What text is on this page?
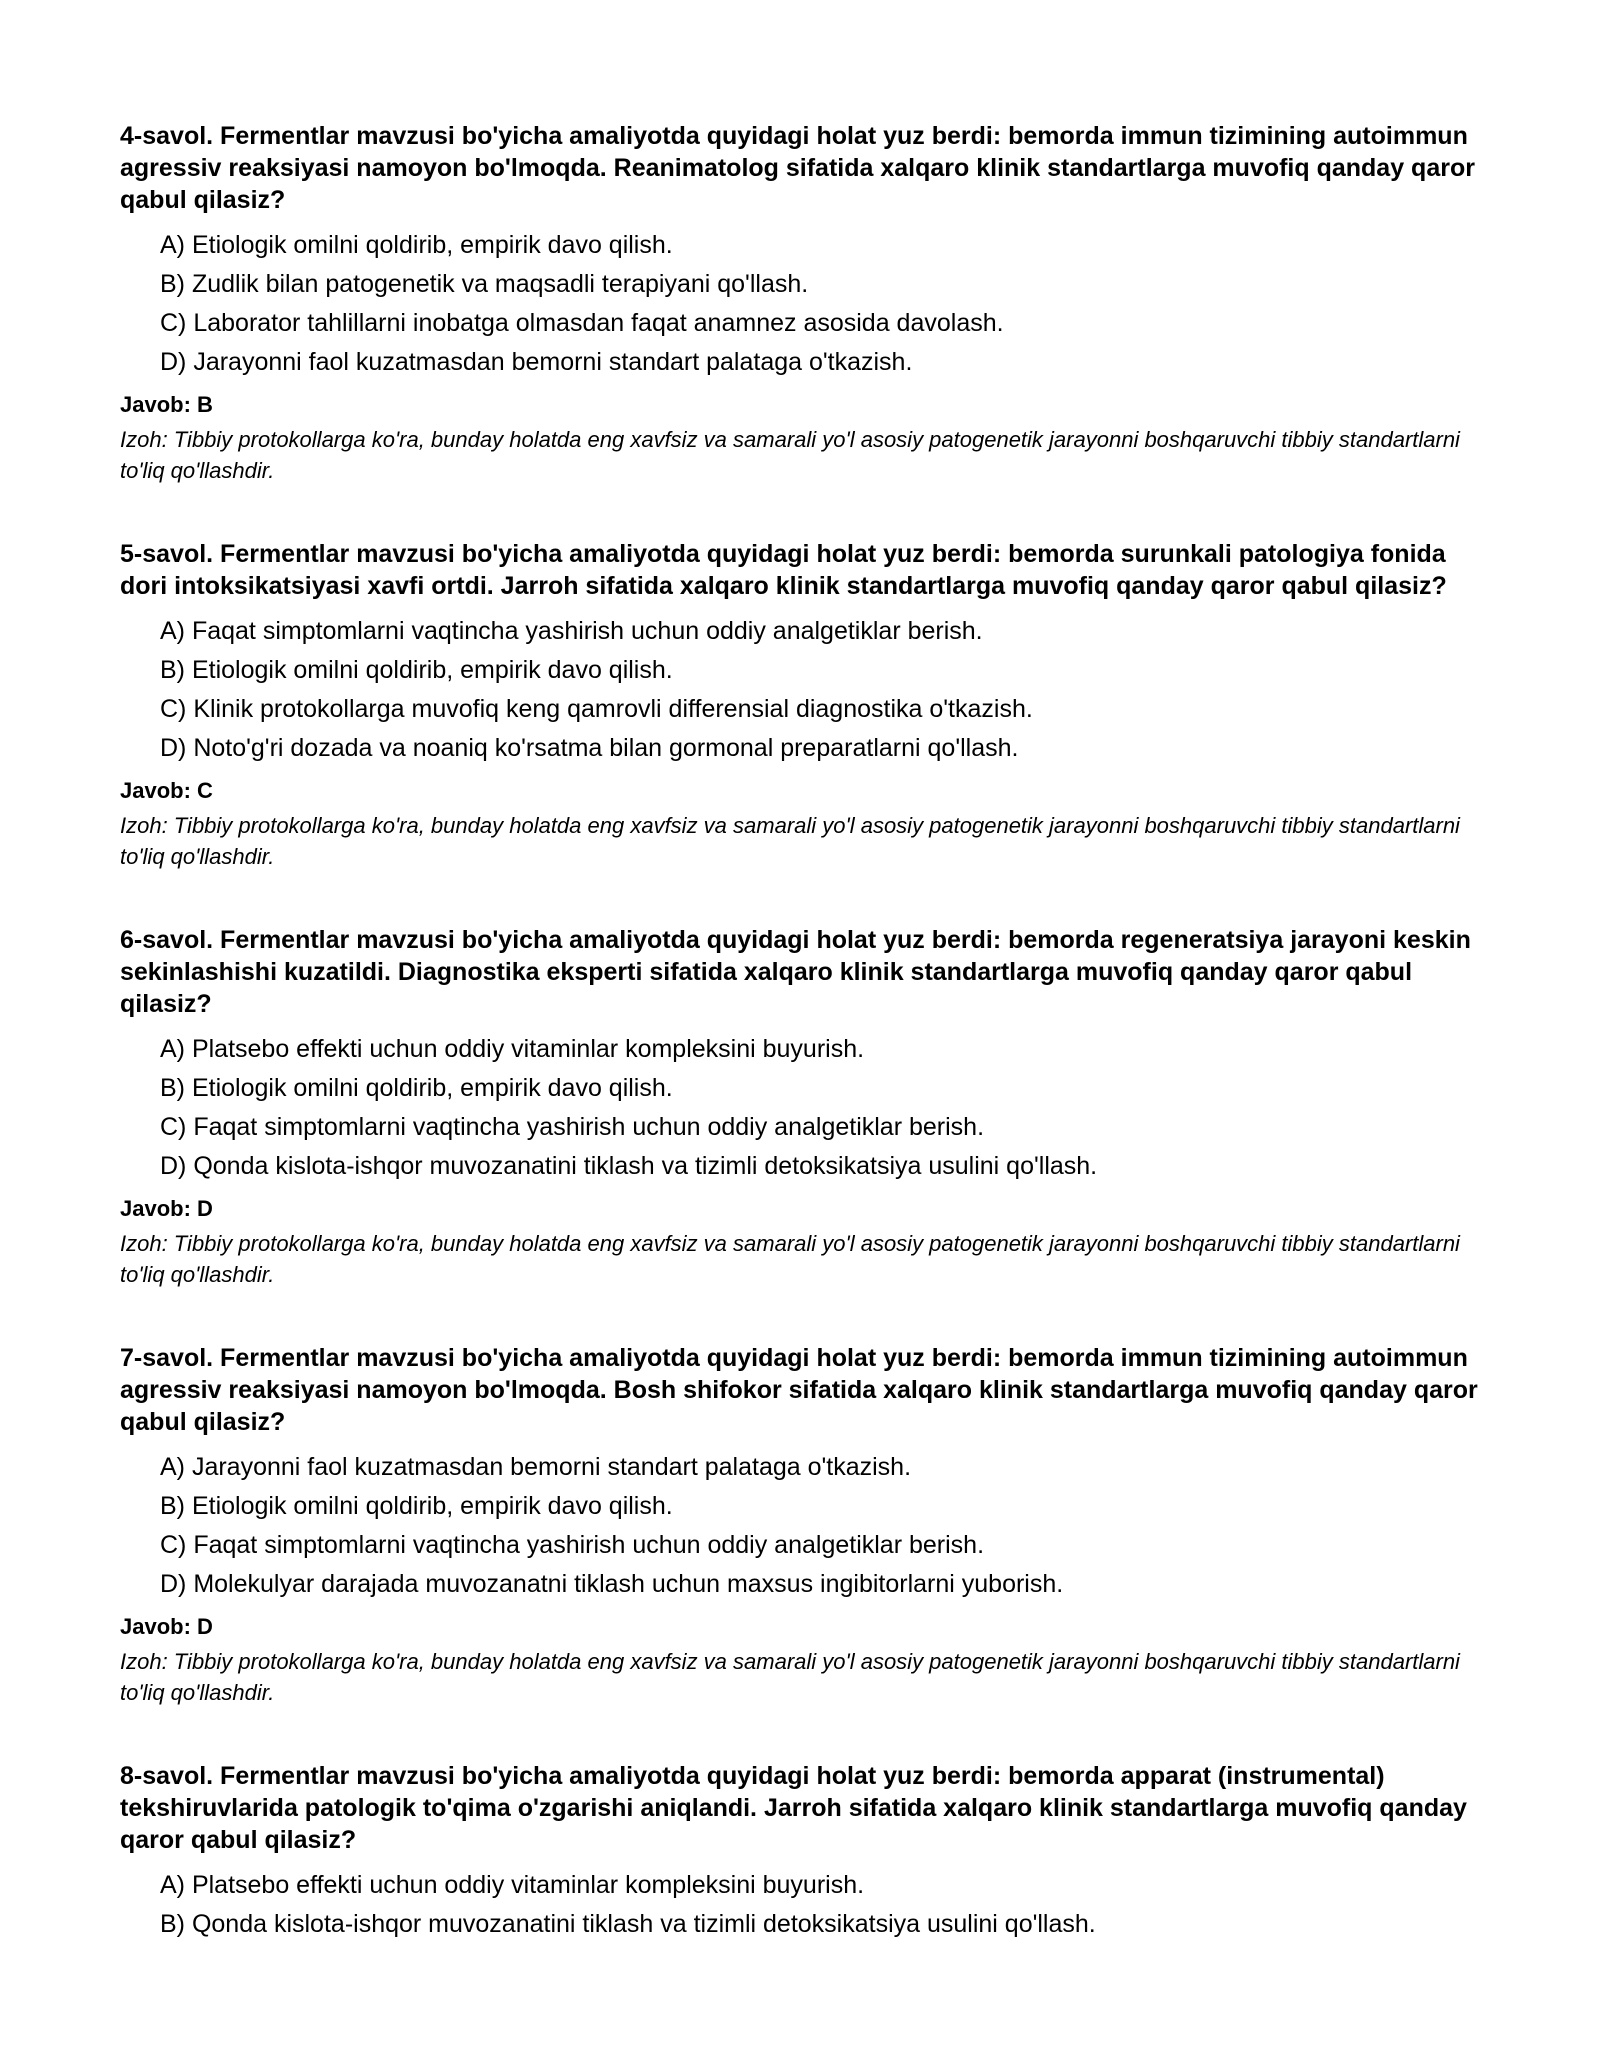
4-savol. Fermentlar mavzusi bo'yicha amaliyotda quyidagi holat yuz berdi: bemorda immun tizimining autoimmun agressiv reaksiyasi namoyon bo'lmoqda. Reanimatolog sifatida xalqaro klinik standartlarga muvofiq qanday qaror qabul qilasiz?
A) Etiologik omilni qoldirib, empirik davo qilish.
B) Zudlik bilan patogenetik va maqsadli terapiyani qo'llash.
C) Laborator tahlillarni inobatga olmasdan faqat anamnez asosida davolash.
D) Jarayonni faol kuzatmasdan bemorni standart palataga o'tkazish.
Javob: B
Izoh: Tibbiy protokollarga ko'ra, bunday holatda eng xavfsiz va samarali yo'l asosiy patogenetik jarayonni boshqaruvchi tibbiy standartlarni to'liq qo'llashdir.
5-savol. Fermentlar mavzusi bo'yicha amaliyotda quyidagi holat yuz berdi: bemorda surunkali patologiya fonida dori intoksikatsiyasi xavfi ortdi. Jarroh sifatida xalqaro klinik standartlarga muvofiq qanday qaror qabul qilasiz?
A) Faqat simptomlarni vaqtincha yashirish uchun oddiy analgetiklar berish.
B) Etiologik omilni qoldirib, empirik davo qilish.
C) Klinik protokollarga muvofiq keng qamrovli differensial diagnostika o'tkazish.
D) Noto'g'ri dozada va noaniq ko'rsatma bilan gormonal preparatlarni qo'llash.
Javob: C
Izoh: Tibbiy protokollarga ko'ra, bunday holatda eng xavfsiz va samarali yo'l asosiy patogenetik jarayonni boshqaruvchi tibbiy standartlarni to'liq qo'llashdir.
6-savol. Fermentlar mavzusi bo'yicha amaliyotda quyidagi holat yuz berdi: bemorda regeneratsiya jarayoni keskin sekinlashishi kuzatildi. Diagnostika eksperti sifatida xalqaro klinik standartlarga muvofiq qanday qaror qabul qilasiz?
A) Platsebo effekti uchun oddiy vitaminlar kompleksini buyurish.
B) Etiologik omilni qoldirib, empirik davo qilish.
C) Faqat simptomlarni vaqtincha yashirish uchun oddiy analgetiklar berish.
D) Qonda kislota-ishqor muvozanatini tiklash va tizimli detoksikatsiya usulini qo'llash.
Javob: D
Izoh: Tibbiy protokollarga ko'ra, bunday holatda eng xavfsiz va samarali yo'l asosiy patogenetik jarayonni boshqaruvchi tibbiy standartlarni to'liq qo'llashdir.
7-savol. Fermentlar mavzusi bo'yicha amaliyotda quyidagi holat yuz berdi: bemorda immun tizimining autoimmun agressiv reaksiyasi namoyon bo'lmoqda. Bosh shifokor sifatida xalqaro klinik standartlarga muvofiq qanday qaror qabul qilasiz?
A) Jarayonni faol kuzatmasdan bemorni standart palataga o'tkazish.
B) Etiologik omilni qoldirib, empirik davo qilish.
C) Faqat simptomlarni vaqtincha yashirish uchun oddiy analgetiklar berish.
D) Molekulyar darajada muvozanatni tiklash uchun maxsus ingibitorlarni yuborish.
Javob: D
Izoh: Tibbiy protokollarga ko'ra, bunday holatda eng xavfsiz va samarali yo'l asosiy patogenetik jarayonni boshqaruvchi tibbiy standartlarni to'liq qo'llashdir.
8-savol. Fermentlar mavzusi bo'yicha amaliyotda quyidagi holat yuz berdi: bemorda apparat (instrumental) tekshiruvlarida patologik to'qima o'zgarishi aniqlandi. Jarroh sifatida xalqaro klinik standartlarga muvofiq qanday qaror qabul qilasiz?
A) Platsebo effekti uchun oddiy vitaminlar kompleksini buyurish.
B) Qonda kislota-ishqor muvozanatini tiklash va tizimli detoksikatsiya usulini qo'llash.
